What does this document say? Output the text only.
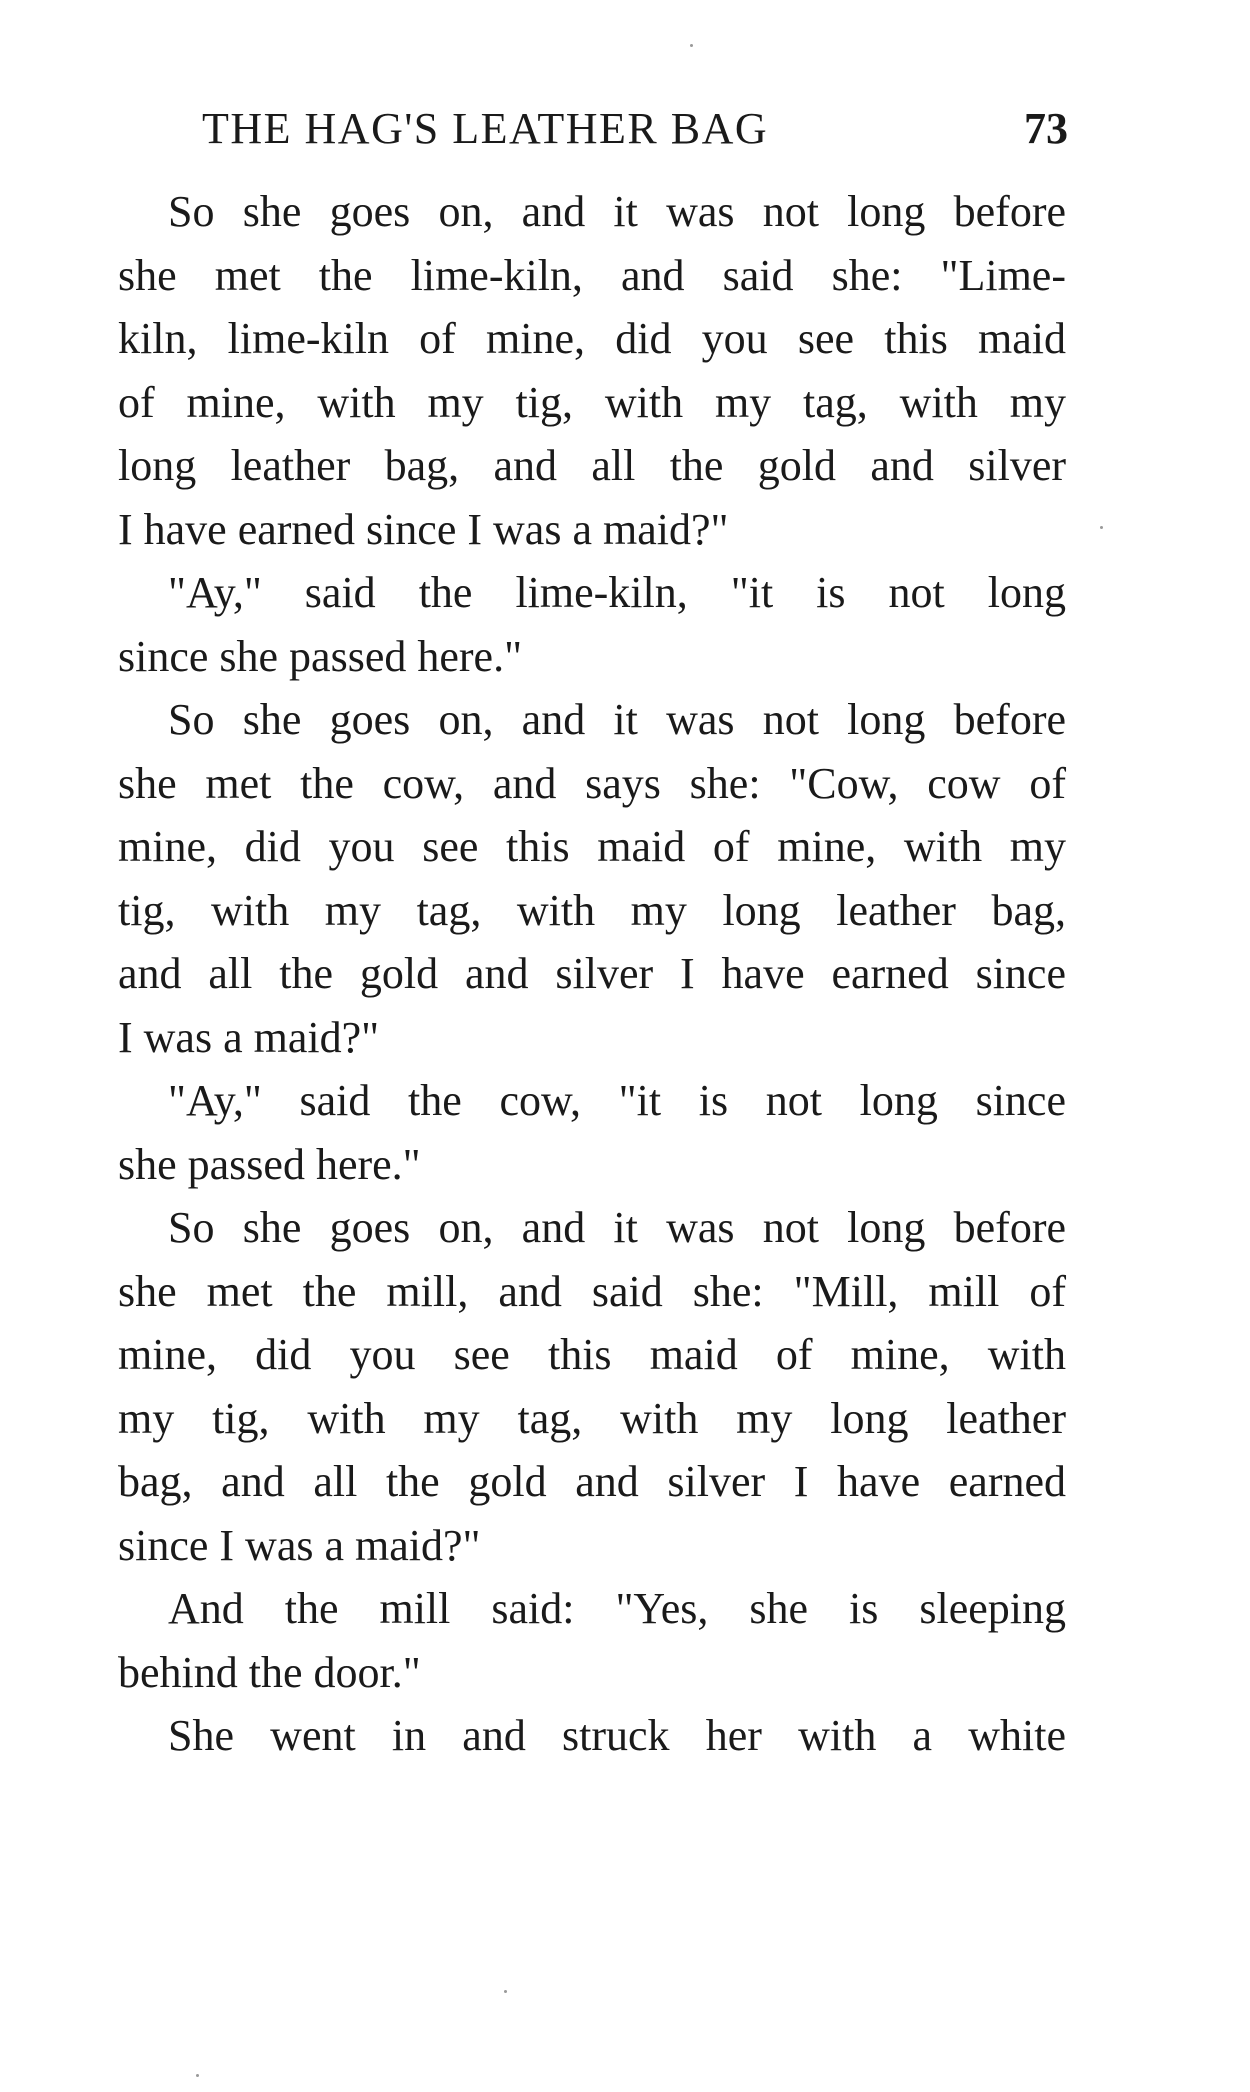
THE HAG'S LEATHER BAG	73
So she goes on, and it was not long before
she met the lime-kiln, and said she: "Lime-
kiln, lime-kiln of mine, did you see this maid
of mine, with my tig, with my tag, with my
long leather bag, and all the gold and silver
I have earned since I was a maid?"
"Ay," said the lime-kiln, "it is not long
since she passed here."
So she goes on, and it was not long before
she met the cow, and says she: "Cow, cow of
mine, did you see this maid of mine, with my
tig, with my tag, with my long leather bag,
and all the gold and silver I have earned since
I was a maid?"
"Ay," said the cow, "it is not long since
she passed here."
So she goes on, and it was not long before
she met the mill, and said she: "Mill, mill of
mine, did you see this maid of mine, with
my tig, with my tag, with my long leather
bag, and all the gold and silver I have earned
since I was a maid?"
And the mill said: "Yes, she is sleeping
behind the door."
She went in and struck her with a white
